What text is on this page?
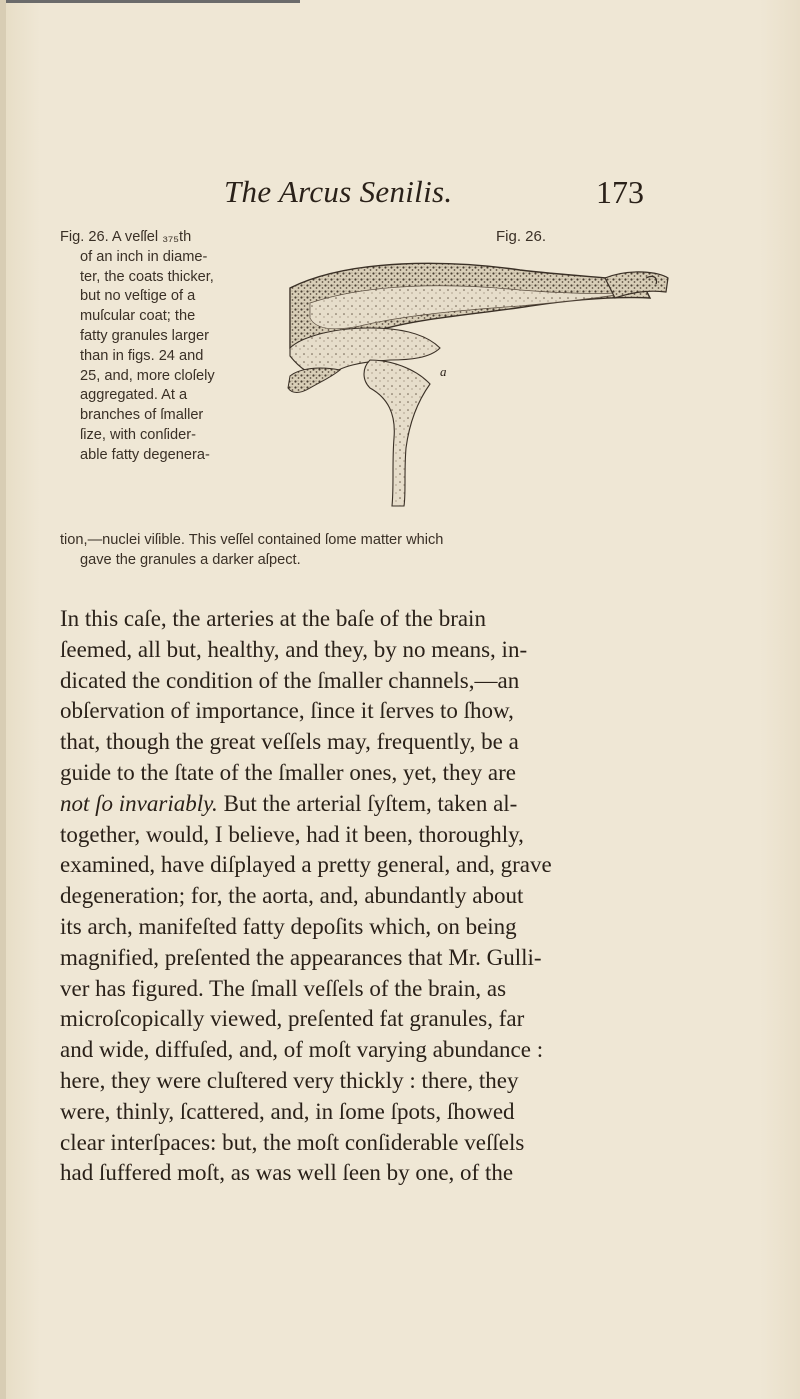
The Arcus Senilis.	173
Fig. 26. A veſſel ₃₇₅th
of an inch in diame-
ter, the coats thicker,
but no veſtige of a
muſcular coat; the
fatty granules larger
than in figs. 24 and
25, and, more cloſely
aggregated. At a
branches of ſmaller
ſize, with conſider-
able fatty degenera-
Fig. 26.
a
tion,—nuclei viſible. This veſſel contained ſome matter which
gave the granules a darker aſpect.
In this caſe, the arteries at the baſe of the brain
ſeemed, all but, healthy, and they, by no means, in-
dicated the condition of the ſmaller channels,—an
obſervation of importance, ſince it ſerves to ſhow,
that, though the great veſſels may, frequently, be a
guide to the ſtate of the ſmaller ones, yet, they are
not ſo invariably. But the arterial ſyſtem, taken al-
together, would, I believe, had it been, thoroughly,
examined, have diſplayed a pretty general, and, grave
degeneration; for, the aorta, and, abundantly about
its arch, manifeſted fatty depoſits which, on being
magnified, preſented the appearances that Mr. Gulli-
ver has figured. The ſmall veſſels of the brain, as
microſcopically viewed, preſented fat granules, far
and wide, diffuſed, and, of moſt varying abundance :
here, they were cluſtered very thickly : there, they
were, thinly, ſcattered, and, in ſome ſpots, ſhowed
clear interſpaces: but, the moſt conſiderable veſſels
had ſuffered moſt, as was well ſeen by one, of the
